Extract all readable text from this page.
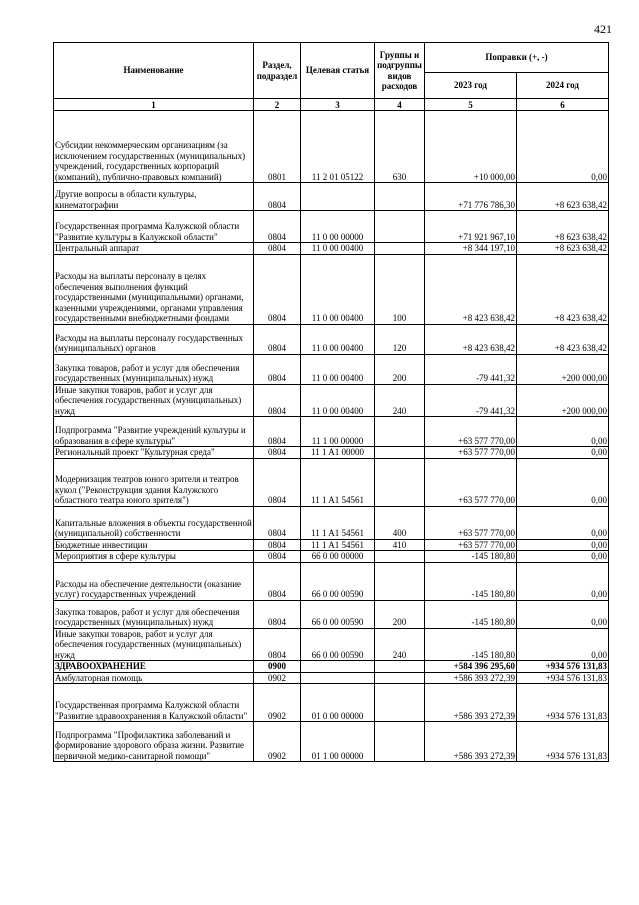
421
Наименование	Раздел, подраздел	Целевая статья	Группы и подгруппы видов расходов	Поправки (+, -)	
				2023 год	2024 год
1	2	3	4	5	6
Субсидии некоммерческим организациям (за исключением государственных (муниципальных) учреждений, государственных корпораций (компаний), публично-правовых компаний)	0801	11 2 01 05122	630	+10 000,00	0,00
Другие вопросы в области культуры, кинематографии	0804			+71 776 786,30	+8 623 638,42
Государственная программа Калужской области "Развитие культуры в Калужской области"	0804	11 0 00 00000		+71 921 967,10	+8 623 638,42
Центральный аппарат	0804	11 0 00 00400		+8 344 197,10	+8 623 638,42
Расходы на выплаты персоналу в целях обеспечения выполнения функций государственными (муниципальными) органами, казенными учреждениями, органами управления государственными внебюджетными фондами	0804	11 0 00 00400	100	+8 423 638,42	+8 423 638,42
Расходы на выплаты персоналу государственных (муниципальных) органов	0804	11 0 00 00400	120	+8 423 638,42	+8 423 638,42
Закупка товаров, работ и услуг для обеспечения государственных (муниципальных) нужд	0804	11 0 00 00400	200	-79 441,32	+200 000,00
Иные закупки товаров, работ и услуг для обеспечения государственных (муниципальных) нужд	0804	11 0 00 00400	240	-79 441,32	+200 000,00
Подпрограмма "Развитие учреждений культуры и образования в сфере культуры"	0804	11 1 00 00000		+63 577 770,00	0,00
Региональный проект "Культурная среда"	0804	11 1 A1 00000		+63 577 770,00	0,00
Модернизация театров юного зрителя и театров кукол ("Реконструкция здания Калужского областного театра юного зрителя")	0804	11 1 A1 54561		+63 577 770,00	0,00
Капитальные вложения в объекты государственной (муниципальной) собственности	0804	11 1 A1 54561	400	+63 577 770,00	0,00
Бюджетные инвестиции	0804	11 1 A1 54561	410	+63 577 770,00	0,00
Мероприятия в сфере культуры	0804	66 0 00 00000		-145 180,80	0,00
Расходы на обеспечение деятельности (оказание услуг) государственных учреждений	0804	66 0 00 00590		-145 180,80	0,00
Закупка товаров, работ и услуг для обеспечения государственных (муниципальных) нужд	0804	66 0 00 00590	200	-145 180,80	0,00
Иные закупки товаров, работ и услуг для обеспечения государственных (муниципальных) нужд	0804	66 0 00 00590	240	-145 180,80	0,00
ЗДРАВООХРАНЕНИЕ	0900			+584 396 295,60	+934 576 131,83
Амбулаторная помощь	0902			+586 393 272,39	+934 576 131,83
Государственная программа Калужской области "Развитие здравоохранения в Калужской области"	0902	01 0 00 00000		+586 393 272,39	+934 576 131,83
Подпрограмма "Профилактика заболеваний и формирование здорового образа жизни. Развитие первичной медико-санитарной помощи"	0902	01 1 00 00000		+586 393 272,39	+934 576 131,83
